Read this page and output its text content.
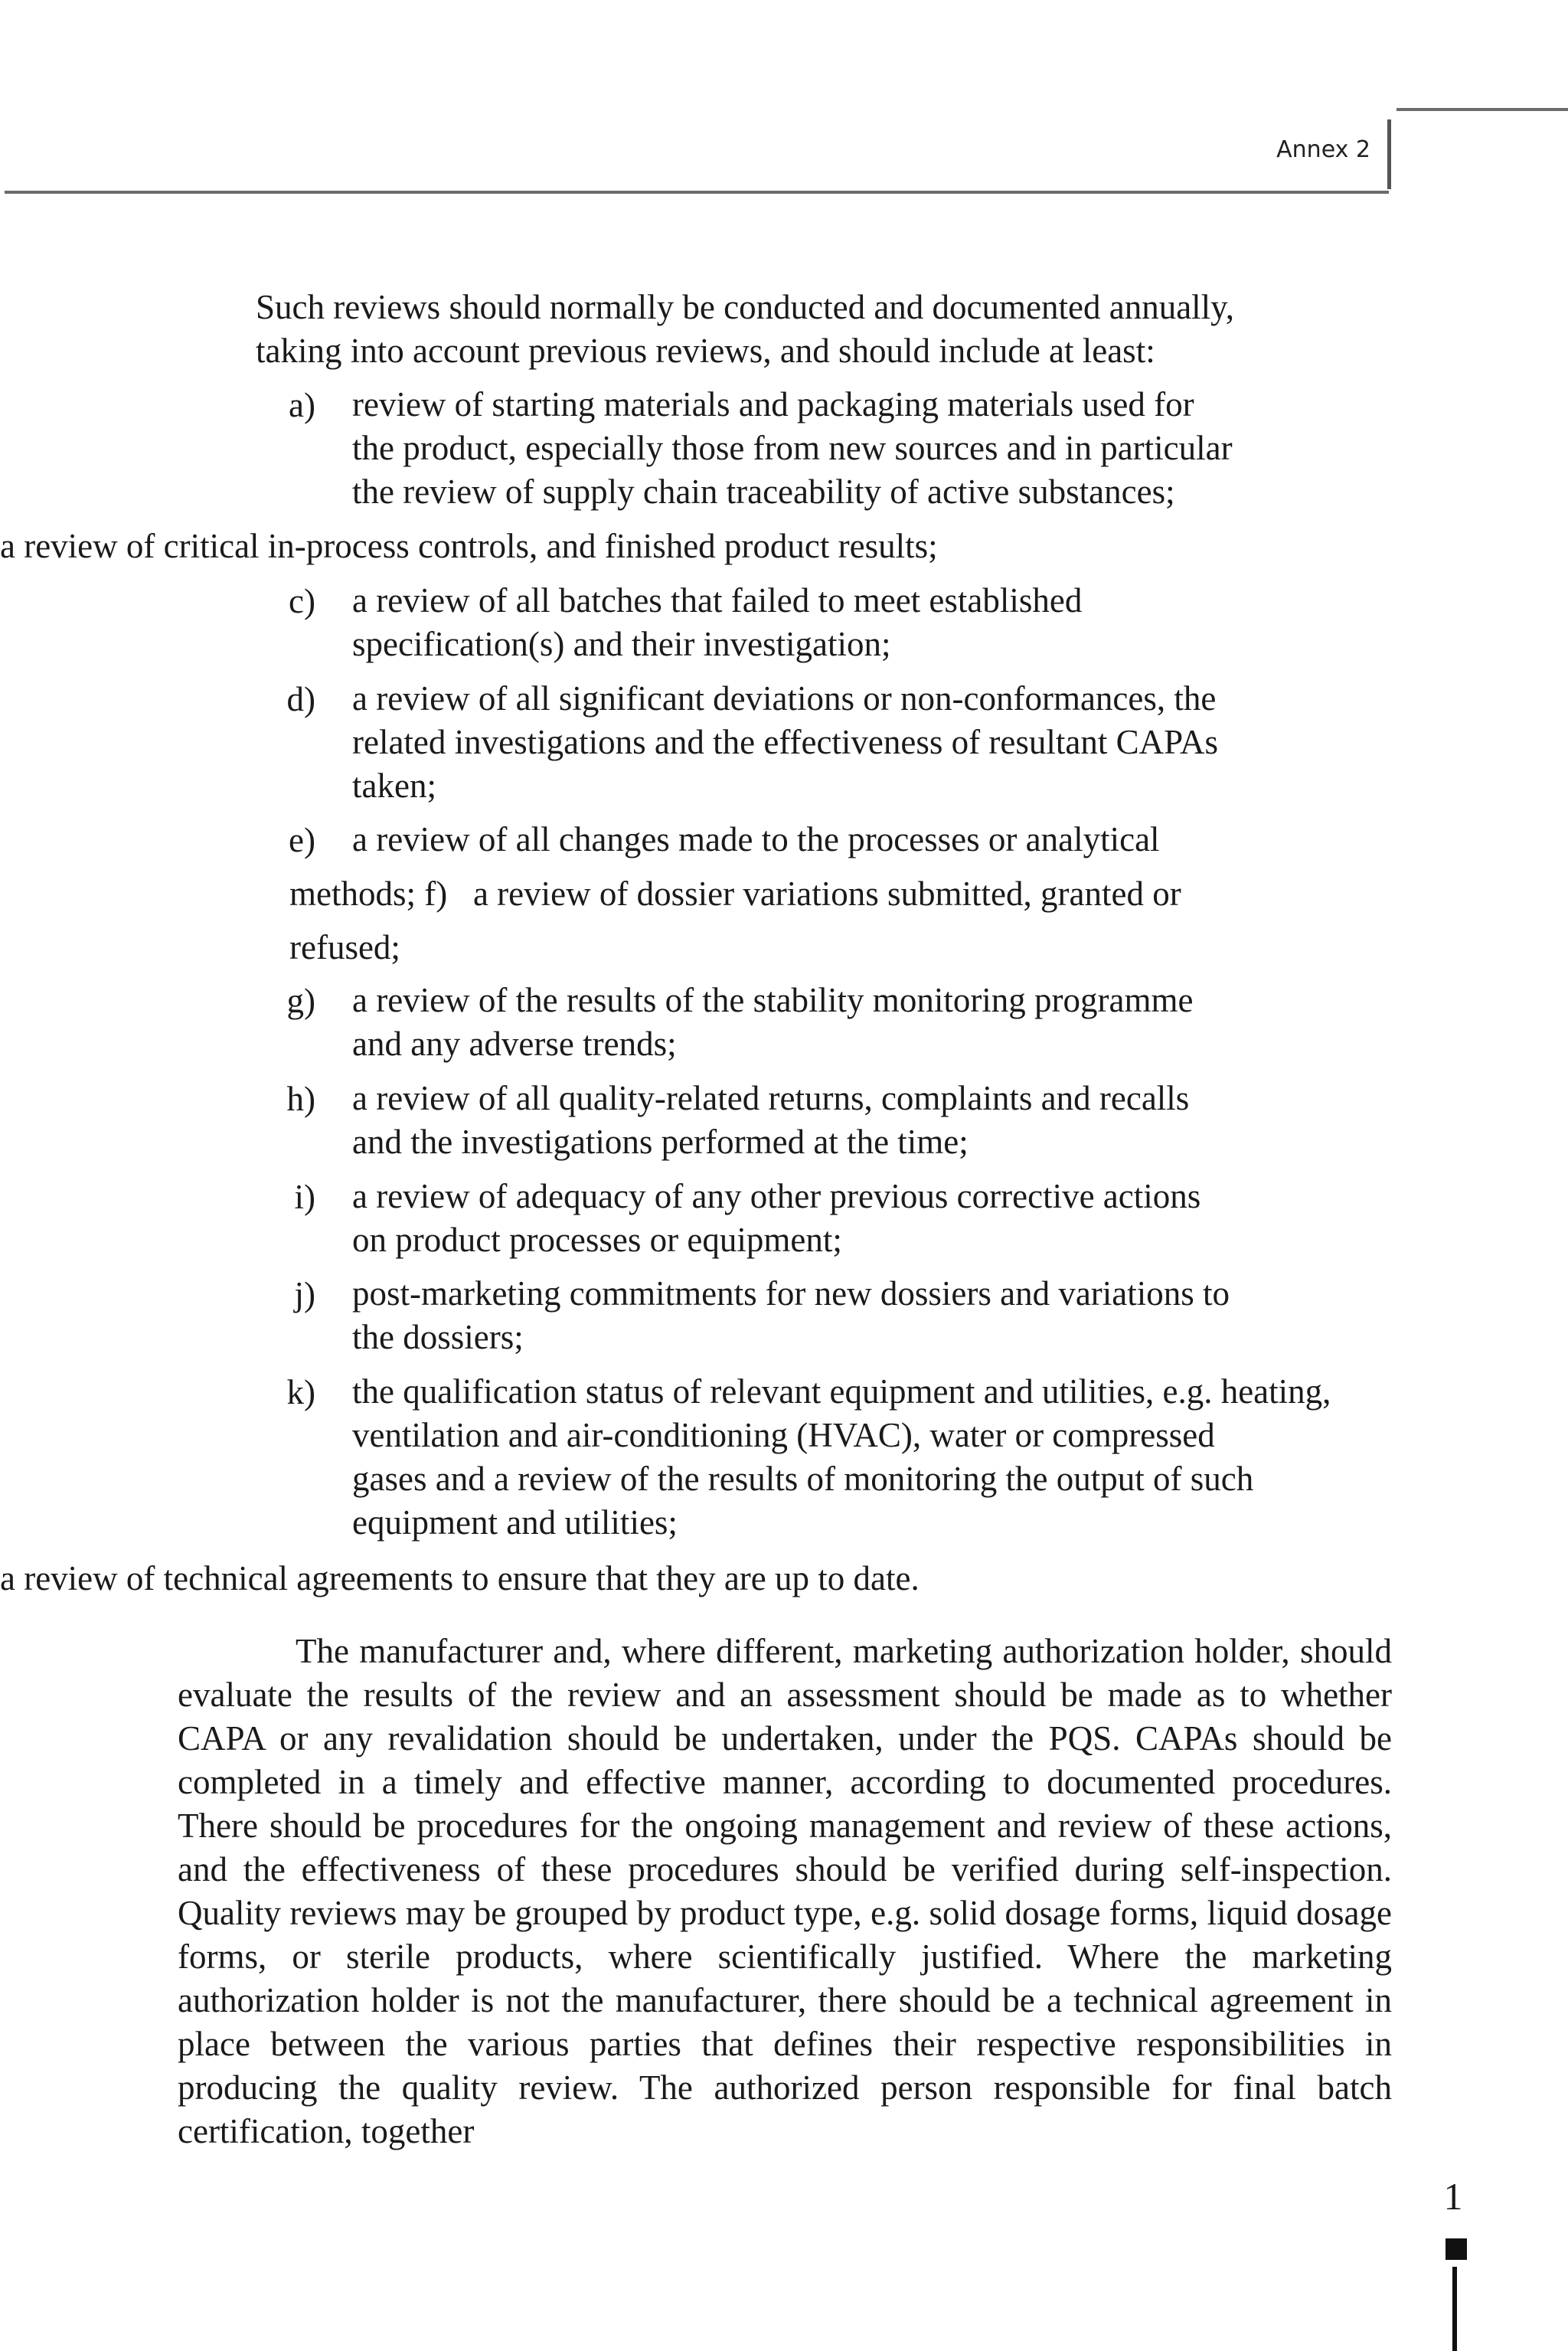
Annex 2
Such reviews should normally be conducted and documented annually,
taking into account previous reviews, and should include at least:
a) review of starting materials and packaging materials used for
the product, especially those from new sources and in particular
the review of supply chain traceability of active substances;
a review of critical in-process controls, and finished product results;
c) a review of all batches that failed to meet established
specification(s) and their investigation;
d) a review of all significant deviations or non-conformances, the
related investigations and the effectiveness of resultant CAPAs
taken;
e) a review of all changes made to the processes or analytical
methods; f)   a review of dossier variations submitted, granted or
refused;
g) a review of the results of the stability monitoring programme
and any adverse trends;
h) a review of all quality-related returns, complaints and recalls
and the investigations performed at the time;
i) a review of adequacy of any other previous corrective actions
on product processes or equipment;
j) post-marketing commitments for new dossiers and variations to
the dossiers;
k) the qualification status of relevant equipment and utilities, e.g. heating,
ventilation and air-conditioning (HVAC), water or compressed
gases and a review of the results of monitoring the output of such
equipment and utilities;
a review of technical agreements to ensure that they are up to date.
The manufacturer and, where different, marketing authorization holder, should evaluate the results of the review and an assessment should be made as to whether CAPA or any revalidation should be undertaken, under the PQS. CAPAs should be completed in a timely and effective manner, according to documented procedures. There should be procedures for the ongoing management and review of these actions, and the effectiveness of these procedures should be verified during self-inspection. Quality reviews may be grouped by product type, e.g. solid dosage forms, liquid dosage forms, or sterile products, where scientifically justified. Where the marketing authorization holder is not the manufacturer, there should be a technical agreement in place between the various parties that defines their respective responsibilities in producing the quality review. The authorized person responsible for final batch certification, together
1
